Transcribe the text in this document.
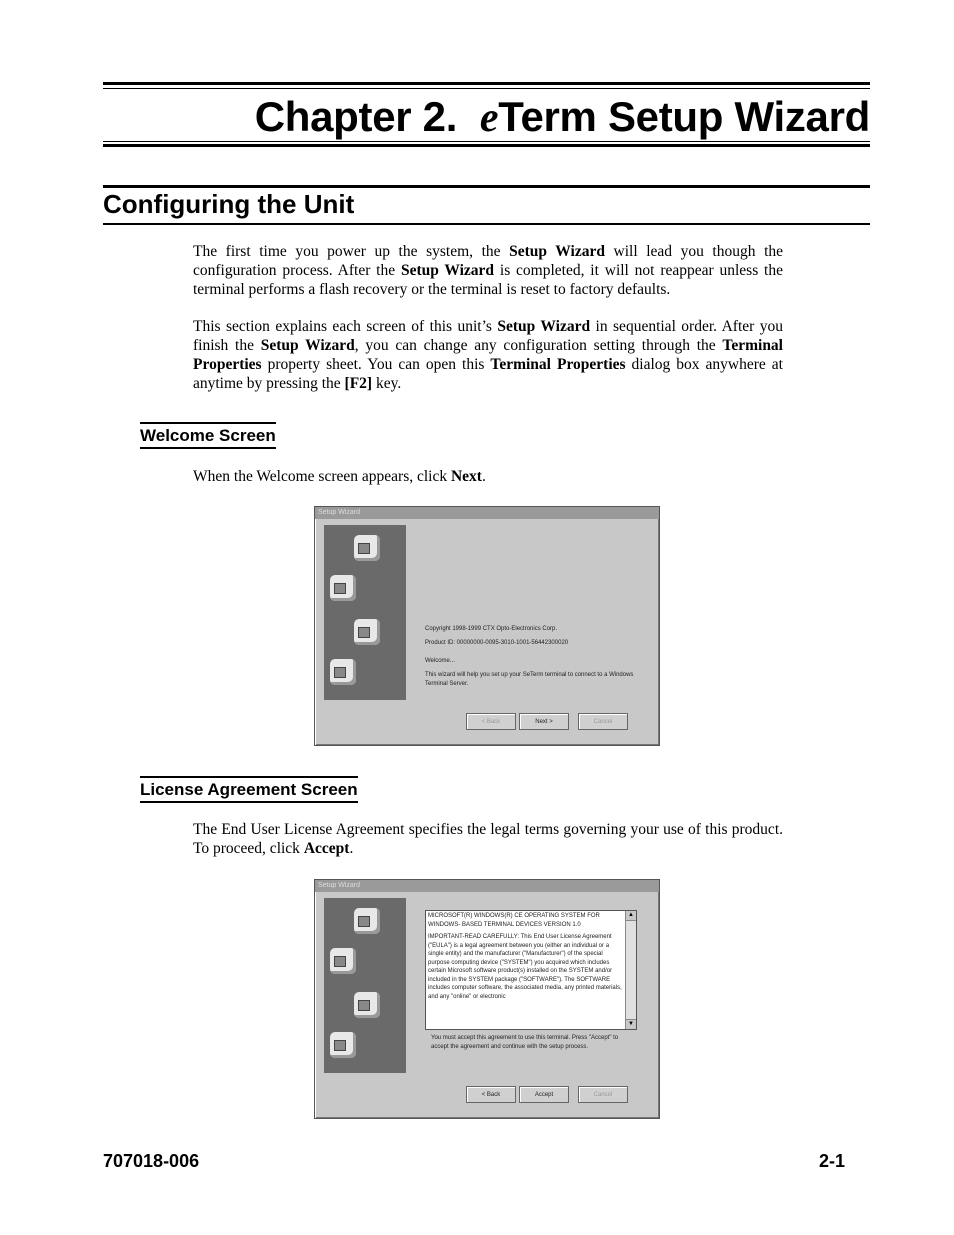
Chapter 2. eTerm Setup Wizard
Configuring the Unit
The first time you power up the system, the Setup Wizard will lead you though the configuration process. After the Setup Wizard is completed, it will not reappear unless the terminal performs a flash recovery or the terminal is reset to factory defaults.
This section explains each screen of this unit’s Setup Wizard in sequential order. After you finish the Setup Wizard, you can change any configuration setting through the Terminal Properties property sheet. You can open this Terminal Properties dialog box anywhere at anytime by pressing the [F2] key.
Welcome Screen
When the Welcome screen appears, click Next.
Setup Wizard
Copyright 1998-1999 CTX Opto-Electronics Corp.
Product ID: 00000000-0095-3010-1001-56442300020
Welcome...
This wizard will help you set up your SeTerm terminal to connect to a Windows Terminal Server.
< Back	Next >	Cancel
License Agreement Screen
The End User License Agreement specifies the legal terms governing your use of this product. To proceed, click Accept.
Setup Wizard
MICROSOFT(R) WINDOWS(R) CE OPERATING SYSTEM FOR WINDOWS- BASED TERMINAL DEVICES VERSION 1.0
IMPORTANT-READ CAREFULLY: This End User License Agreement ("EULA") is a legal agreement between you (either an individual or a single entity) and the manufacturer ("Manufacturer") of the special purpose computing device ("SYSTEM") you acquired which includes certain Microsoft software product(s) installed on the SYSTEM and/or included in the SYSTEM package ("SOFTWARE"). The SOFTWARE includes computer software, the associated media, any printed materials, and any "online" or electronic
▲
▼
You must accept this agreement to use this terminal. Press "Accept" to accept the agreement and continue with the setup process.
< Back	Accept	Cancel
707018-006	2-1
